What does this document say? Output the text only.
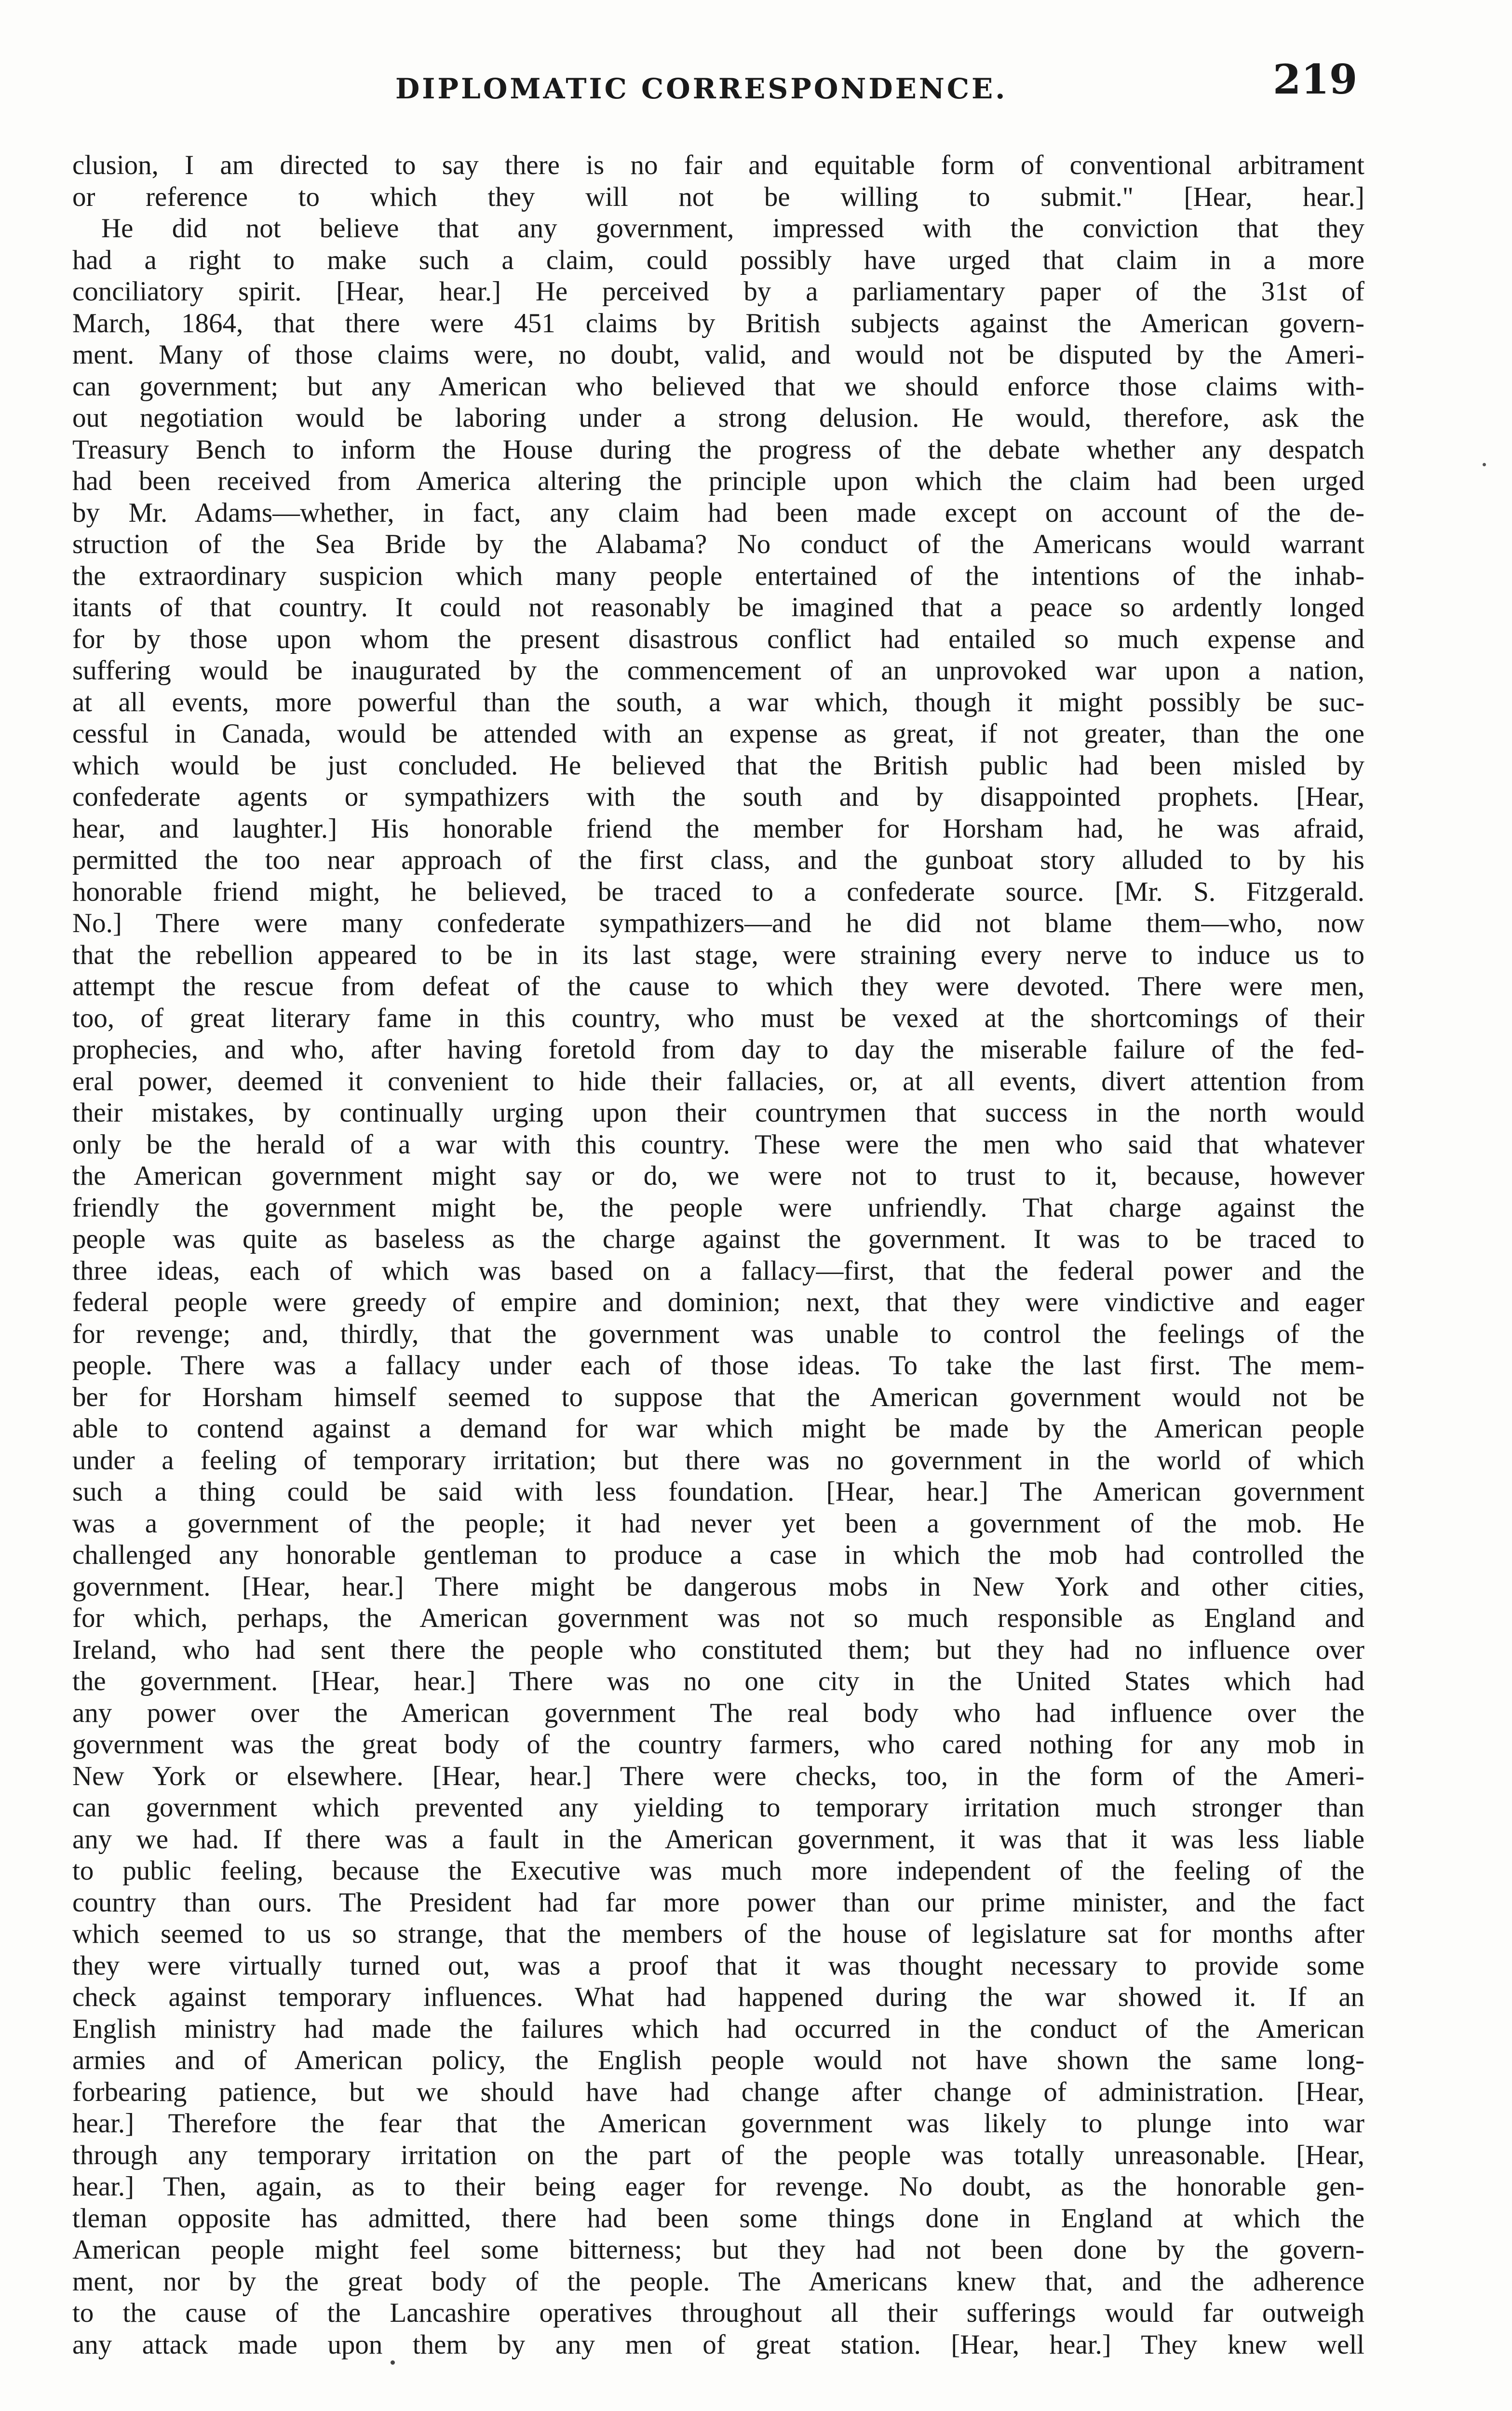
DIPLOMATIC CORRESPONDENCE.	219
clusion, I am directed to say there is no fair and equitable form of conventional arbitrament
or reference to which they will not be willing to submit." [Hear, hear.]
He did not believe that any government, impressed with the conviction that they
had a right to make such a claim, could possibly have urged that claim in a more
conciliatory spirit. [Hear, hear.] He perceived by a parliamentary paper of the 31st of
March, 1864, that there were 451 claims by British subjects against the American govern-
ment. Many of those claims were, no doubt, valid, and would not be disputed by the Ameri-
can government; but any American who believed that we should enforce those claims with-
out negotiation would be laboring under a strong delusion. He would, therefore, ask the
Treasury Bench to inform the House during the progress of the debate whether any despatch
had been received from America altering the principle upon which the claim had been urged
by Mr. Adams—whether, in fact, any claim had been made except on account of the de-
struction of the Sea Bride by the Alabama? No conduct of the Americans would warrant
the extraordinary suspicion which many people entertained of the intentions of the inhab-
itants of that country. It could not reasonably be imagined that a peace so ardently longed
for by those upon whom the present disastrous conflict had entailed so much expense and
suffering would be inaugurated by the commencement of an unprovoked war upon a nation,
at all events, more powerful than the south, a war which, though it might possibly be suc-
cessful in Canada, would be attended with an expense as great, if not greater, than the one
which would be just concluded. He believed that the British public had been misled by
confederate agents or sympathizers with the south and by disappointed prophets. [Hear,
hear, and laughter.] His honorable friend the member for Horsham had, he was afraid,
permitted the too near approach of the first class, and the gunboat story alluded to by his
honorable friend might, he believed, be traced to a confederate source. [Mr. S. Fitzgerald.
No.] There were many confederate sympathizers—and he did not blame them—who, now
that the rebellion appeared to be in its last stage, were straining every nerve to induce us to
attempt the rescue from defeat of the cause to which they were devoted. There were men,
too, of great literary fame in this country, who must be vexed at the shortcomings of their
prophecies, and who, after having foretold from day to day the miserable failure of the fed-
eral power, deemed it convenient to hide their fallacies, or, at all events, divert attention from
their mistakes, by continually urging upon their countrymen that success in the north would
only be the herald of a war with this country. These were the men who said that whatever
the American government might say or do, we were not to trust to it, because, however
friendly the government might be, the people were unfriendly. That charge against the
people was quite as baseless as the charge against the government. It was to be traced to
three ideas, each of which was based on a fallacy—first, that the federal power and the
federal people were greedy of empire and dominion; next, that they were vindictive and eager
for revenge; and, thirdly, that the government was unable to control the feelings of the
people. There was a fallacy under each of those ideas. To take the last first. The mem-
ber for Horsham himself seemed to suppose that the American government would not be
able to contend against a demand for war which might be made by the American people
under a feeling of temporary irritation; but there was no government in the world of which
such a thing could be said with less foundation. [Hear, hear.] The American government
was a government of the people; it had never yet been a government of the mob. He
challenged any honorable gentleman to produce a case in which the mob had controlled the
government. [Hear, hear.] There might be dangerous mobs in New York and other cities,
for which, perhaps, the American government was not so much responsible as England and
Ireland, who had sent there the people who constituted them; but they had no influence over
the government. [Hear, hear.] There was no one city in the United States which had
any power over the American government The real body who had influence over the
government was the great body of the country farmers, who cared nothing for any mob in
New York or elsewhere. [Hear, hear.] There were checks, too, in the form of the Ameri-
can government which prevented any yielding to temporary irritation much stronger than
any we had. If there was a fault in the American government, it was that it was less liable
to public feeling, because the Executive was much more independent of the feeling of the
country than ours. The President had far more power than our prime minister, and the fact
which seemed to us so strange, that the members of the house of legislature sat for months after
they were virtually turned out, was a proof that it was thought necessary to provide some
check against temporary influences. What had happened during the war showed it. If an
English ministry had made the failures which had occurred in the conduct of the American
armies and of American policy, the English people would not have shown the same long-
forbearing patience, but we should have had change after change of administration. [Hear,
hear.] Therefore the fear that the American government was likely to plunge into war
through any temporary irritation on the part of the people was totally unreasonable. [Hear,
hear.] Then, again, as to their being eager for revenge. No doubt, as the honorable gen-
tleman opposite has admitted, there had been some things done in England at which the
American people might feel some bitterness; but they had not been done by the govern-
ment, nor by the great body of the people. The Americans knew that, and the adherence
to the cause of the Lancashire operatives throughout all their sufferings would far outweigh
any attack made upon them by any men of great station. [Hear, hear.] They knew well
